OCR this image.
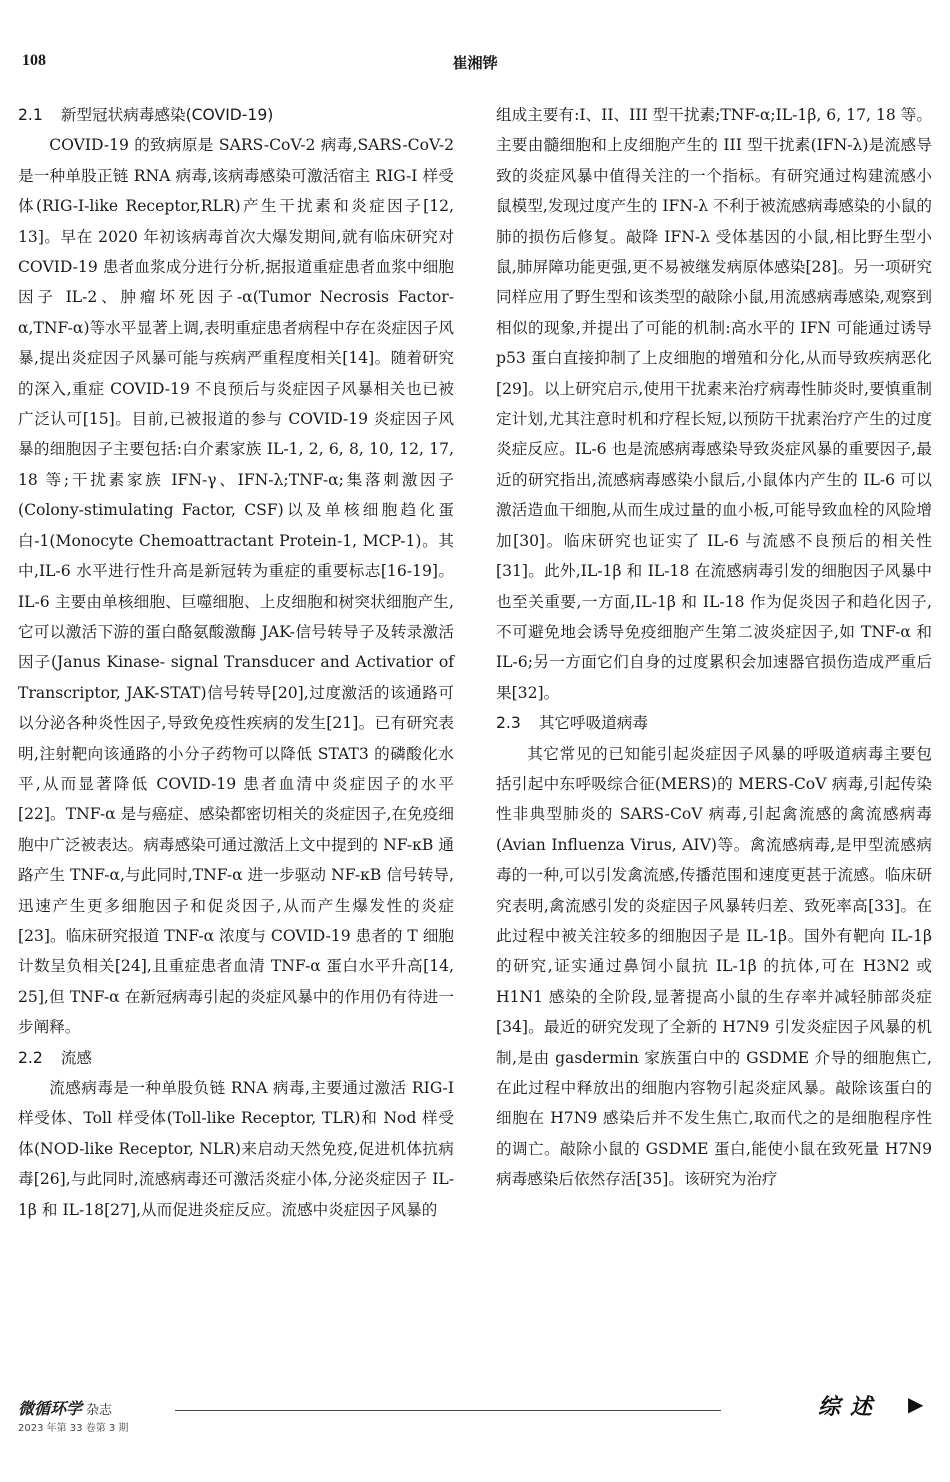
108	崔湘铧
2.1 新型冠状病毒感染(COVID-19)

COVID-19 的致病原是 SARS-CoV-2 病毒,SARS-CoV-2 是一种单股正链 RNA 病毒,该病毒感染可激活宿主 RIG-I 样受体(RIG-I-like Receptor,RLR)产生干扰素和炎症因子[12, 13]。早在 2020 年初该病毒首次大爆发期间,就有临床研究对 COVID-19 患者血浆成分进行分析,据报道重症患者血浆中细胞因子 IL-2、肿瘤坏死因子-α(Tumor Necrosis Factor-α,TNF-α)等水平显著上调,表明重症患者病程中存在炎症因子风暴,提出炎症因子风暴可能与疾病严重程度相关[14]。随着研究的深入,重症 COVID-19 不良预后与炎症因子风暴相关也已被广泛认可[15]。目前,已被报道的参与 COVID-19 炎症因子风暴的细胞因子主要包括:白介素家族 IL-1, 2, 6, 8, 10, 12, 17, 18 等;干扰素家族 IFN-γ、IFN-λ;TNF-α;集落刺激因子(Colony-stimulating Factor, CSF)以及单核细胞趋化蛋白-1(Monocyte Chemoattractant Protein-1, MCP-1)。其中,IL-6 水平进行性升高是新冠转为重症的重要标志[16-19]。IL-6 主要由单核细胞、巨噬细胞、上皮细胞和树突状细胞产生,它可以激活下游的蛋白酪氨酸激酶 JAK-信号转导子及转录激活因子(Janus Kinase- signal Transducer and Activatior of Transcriptor, JAK-STAT)信号转导[20],过度激活的该通路可以分泌各种炎性因子,导致免疫性疾病的发生[21]。已有研究表明,注射靶向该通路的小分子药物可以降低 STAT3 的磷酸化水平,从而显著降低 COVID-19 患者血清中炎症因子的水平[22]。TNF-α 是与癌症、感染都密切相关的炎症因子,在免疫细胞中广泛被表达。病毒感染可通过激活上文中提到的 NF-κB 通路产生 TNF-α,与此同时,TNF-α 进一步驱动 NF-κB 信号转导,迅速产生更多细胞因子和促炎因子,从而产生爆发性的炎症[23]。临床研究报道 TNF-α 浓度与 COVID-19 患者的 T 细胞计数呈负相关[24],且重症患者血清 TNF-α 蛋白水平升高[14, 25],但 TNF-α 在新冠病毒引起的炎症风暴中的作用仍有待进一步阐释。

2.2 流感

流感病毒是一种单股负链 RNA 病毒,主要通过激活 RIG-I 样受体、Toll 样受体(Toll-like Receptor, TLR)和 Nod 样受体(NOD-like Receptor, NLR)来启动天然免疫,促进机体抗病毒[26],与此同时,流感病毒还可激活炎症小体,分泌炎症因子 IL-1β 和 IL-18[27],从而促进炎症反应。流感中炎症因子风暴的

组成主要有:I、II、III 型干扰素;TNF-α;IL-1β, 6, 17, 18 等。主要由髓细胞和上皮细胞产生的 III 型干扰素(IFN-λ)是流感导致的炎症风暴中值得关注的一个指标。有研究通过构建流感小鼠模型,发现过度产生的 IFN-λ 不利于被流感病毒感染的小鼠的肺的损伤后修复。敲降 IFN-λ 受体基因的小鼠,相比野生型小鼠,肺屏障功能更强,更不易被继发病原体感染[28]。另一项研究同样应用了野生型和该类型的敲除小鼠,用流感病毒感染,观察到相似的现象,并提出了可能的机制:高水平的 IFN 可能通过诱导 p53 蛋白直接抑制了上皮细胞的增殖和分化,从而导致疾病恶化[29]。以上研究启示,使用干扰素来治疗病毒性肺炎时,要慎重制定计划,尤其注意时机和疗程长短,以预防干扰素治疗产生的过度炎症反应。IL-6 也是流感病毒感染导致炎症风暴的重要因子,最近的研究指出,流感病毒感染小鼠后,小鼠体内产生的 IL-6 可以激活造血干细胞,从而生成过量的血小板,可能导致血栓的风险增加[30]。临床研究也证实了 IL-6 与流感不良预后的相关性[31]。此外,IL-1β 和 IL-18 在流感病毒引发的细胞因子风暴中也至关重要,一方面,IL-1β 和 IL-18 作为促炎因子和趋化因子,不可避免地会诱导免疫细胞产生第二波炎症因子,如 TNF-α 和 IL-6;另一方面它们自身的过度累积会加速器官损伤造成严重后果[32]。

2.3 其它呼吸道病毒

其它常见的已知能引起炎症因子风暴的呼吸道病毒主要包括引起中东呼吸综合征(MERS)的 MERS-CoV 病毒,引起传染性非典型肺炎的 SARS-CoV 病毒,引起禽流感的禽流感病毒(Avian Influenza Virus, AIV)等。禽流感病毒,是甲型流感病毒的一种,可以引发禽流感,传播范围和速度更甚于流感。临床研究表明,禽流感引发的炎症因子风暴转归差、致死率高[33]。在此过程中被关注较多的细胞因子是 IL-1β。国外有靶向 IL-1β 的研究,证实通过鼻饲小鼠抗 IL-1β 的抗体,可在 H3N2 或 H1N1 感染的全阶段,显著提高小鼠的生存率并减轻肺部炎症[34]。最近的研究发现了全新的 H7N9 引发炎症因子风暴的机制,是由 gasdermin 家族蛋白中的 GSDME 介导的细胞焦亡,在此过程中释放出的细胞内容物引起炎症风暴。敲除该蛋白的细胞在 H7N9 感染后并不发生焦亡,取而代之的是细胞程序性的调亡。敲除小鼠的 GSDME 蛋白,能使小鼠在致死量 H7N9 病毒感染后依然存活[35]。该研究为治疗

微循环学 杂志
2023 年第 33 卷第 3 期
综述 ▶
